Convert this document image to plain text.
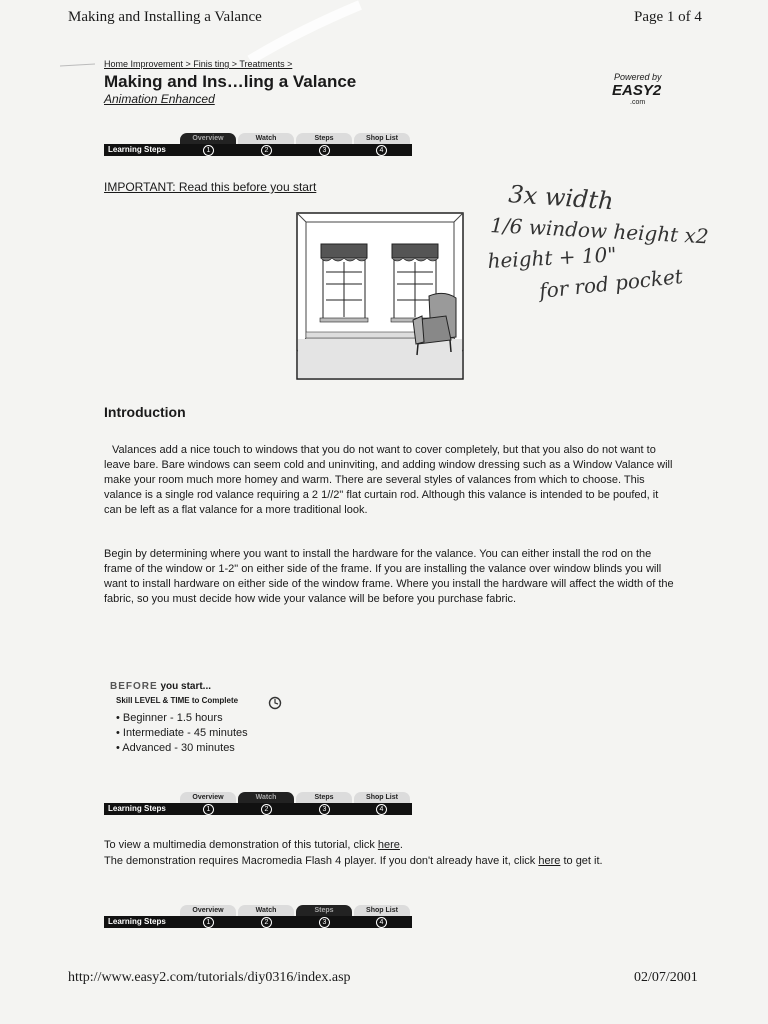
Making and Installing a Valance	Page 1 of 4
Home Improvement > Finis ting > Treatments >
Making and Ins…ling a Valance
Animation Enhanced
Powered by
EASY2
.com
Overview	Watch	Steps	Shop List
Learning Steps	1	2	3	4
IMPORTANT: Read this before you start	3x width
1/6 window height x2
height + 10"
for rod pocket
Introduction
Valances add a nice touch to windows that you do not want to cover completely, but that you also do not want to leave bare. Bare windows can seem cold and uninviting, and adding window dressing such as a Window Valance will make your room much more homey and warm. There are several styles of valances from which to choose. This valance is a single rod valance requiring a 2 1//2" flat curtain rod. Although this valance is intended to be poufed, it can be left as a flat valance for a more traditional look.
Begin by determining where you want to install the hardware for the valance. You can either install the rod on the frame of the window or 1-2" on either side of the frame. If you are installing the valance over window blinds you will want to install hardware on either side of the window frame. Where you install the hardware will affect the width of the fabric, so you must decide how wide your valance will be before you purchase fabric.
BEFORE you start...
Skill LEVEL & TIME to Complete
• Beginner - 1.5 hours
• Intermediate - 45 minutes
• Advanced - 30 minutes
Overview	Watch	Steps	Shop List
Learning Steps	1	2	3	4
To view a multimedia demonstration of this tutorial, click here.
The demonstration requires Macromedia Flash 4 player. If you don't already have it, click here to get it.
Overview	Watch	Steps	Shop List
Learning Steps	1	2	3	4
http://www.easy2.com/tutorials/diy0316/index.asp	02/07/2001
